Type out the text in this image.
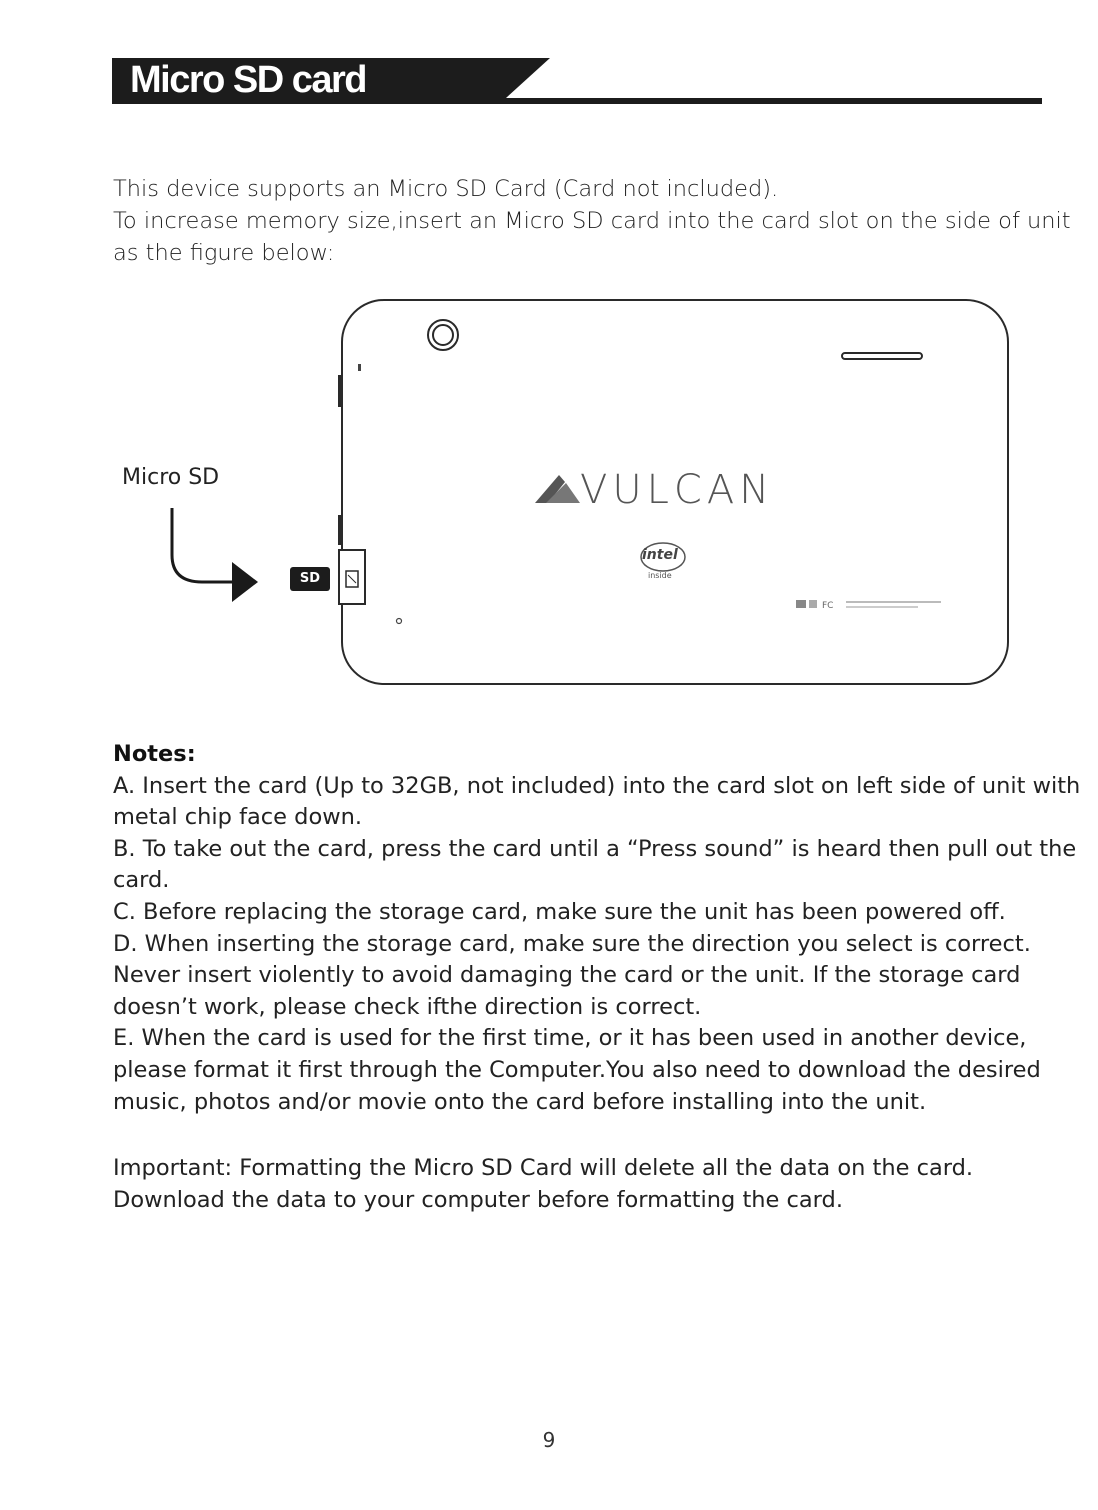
Micro SD card

This device supports an Micro SD Card (Card not included).

To increase memory size,insert an Micro SD card into the card slot on the side of unit as the figure below:

FC
Micro SD
SD
VULCAN
intel
inside

Notes:

A. Insert the card (Up to 32GB, not included) into the card slot on left side of unit with metal chip face down.

B. To take out the card, press the card until a “Press sound” is heard then pull out the card.

C. Before replacing the storage card, make sure the unit has been powered off.

D. When inserting the storage card, make sure the direction you select is correct. Never insert violently to avoid damaging the card or the unit. If the storage card doesn’t work, please check ifthe direction is correct.

E. When the card is used for the first time, or it has been used in another device, please format it first through the Computer.You also need to download the desired music, photos and/or movie onto the card before installing into the unit.

Important: Formatting the Micro SD Card will delete all the data on the card.

Download the data to your computer before formatting the card.

9
